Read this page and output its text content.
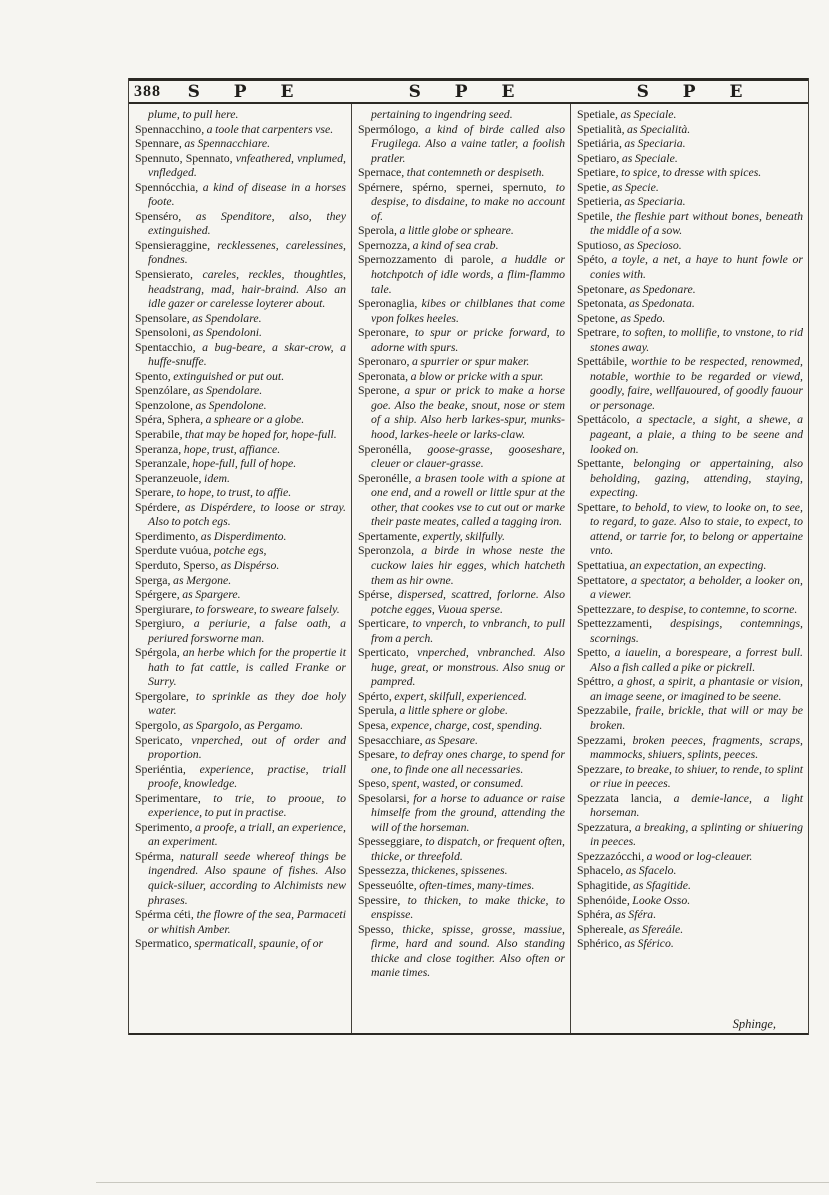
388	S P E	S P E	S P E
plume, to pull here.
Spennacchino, a toole that carpenters vse.
Spennare, as Spennacchiare.
Spennuto, Spennato, vnfeathered, vnplumed, vnfledged.
Spennócchia, a kind of disease in a horses foote.
Spenséro, as Spenditore, also, they extinguished.
Spensieraggine, recklessenes, carelessines, fondnes.
Spensierato, careles, reckles, thoughtles, headstrang, mad, hair-braind. Also an idle gazer or carelesse loyterer about.
Spensolare, as Spendolare.
Spensoloni, as Spendoloni.
Spentacchio, a bug-beare, a skar-crow, a huffe-snuffe.
Spento, extinguished or put out.
Spenzólare, as Spendolare.
Spenzolone, as Spendolone.
Spéra, Sphera, a spheare or a globe.
Sperabile, that may be hoped for, hope-full.
Speranza, hope, trust, affiance.
Speranzale, hope-full, full of hope.
Speranzeuole, idem.
Sperare, to hope, to trust, to affie.
Spérdere, as Dispérdere, to loose or stray. Also to potch egs.
Sperdimento, as Disperdimento.
Sperdute vuóua, potche egs,
Sperduto, Sperso, as Dispérso.
Sperga, as Mergone.
Spérgere, as Spargere.
Spergiurare, to forsweare, to sweare falsely.
Spergiuro, a periurie, a false oath, a periured forsworne man.
Spérgola, an herbe which for the propertie it hath to fat cattle, is called Franke or Surry.
Spergolare, to sprinkle as they doe holy water.
Spergolo, as Spargolo, as Pergamo.
Spericato, vnperched, out of order and proportion.
Speriéntia, experience, practise, triall proofe, knowledge.
Sperimentare, to trie, to prooue, to experience, to put in practise.
Sperimento, a proofe, a triall, an experience, an experiment.
Spérma, naturall seede whereof things be ingendred. Also spaune of fishes. Also quick-siluer, according to Alchimists new phrases.
Spérma céti, the flowre of the sea, Parmaceti or whitish Amber.
Spermatico, spermaticall, spaunie, of or
pertaining to ingendring seed.
Spermólogo, a kind of birde called also Frugilega. Also a vaine tatler, a foolish pratler.
Spernace, that contemneth or despiseth.
Spérnere, spérno, spernei, spernuto, to despise, to disdaine, to make no account of.
Sperola, a little globe or spheare.
Spernozza, a kind of sea crab.
Spernozzamento di parole, a huddle or hotchpotch of idle words, a flim-flammo tale.
Speronaglia, kibes or chilblanes that come vpon folkes heeles.
Speronare, to spur or pricke forward, to adorne with spurs.
Speronaro, a spurrier or spur maker.
Speronata, a blow or pricke with a spur.
Sperone, a spur or prick to make a horse goe. Also the beake, snout, nose or stem of a ship. Also herb larkes-spur, munks-hood, larkes-heele or larks-claw.
Speronélla, goose-grasse, gooseshare, cleuer or clauer-grasse.
Speronélle, a brasen toole with a spione at one end, and a rowell or little spur at the other, that cookes vse to cut out or marke their paste meates, called a tagging iron.
Spertamente, expertly, skilfully.
Speronzola, a birde in whose neste the cuckow laies hir egges, which hatcheth them as hir owne.
Spérse, dispersed, scattred, forlorne. Also potche egges, Vuoua sperse.
Sperticare, to vnperch, to vnbranch, to pull from a perch.
Sperticato, vnperched, vnbranched. Also huge, great, or monstrous. Also snug or pampred.
Spérto, expert, skilfull, experienced.
Sperula, a little sphere or globe.
Spesa, expence, charge, cost, spending.
Spesacchiare, as Spesare.
Spesare, to defray ones charge, to spend for one, to finde one all necessaries.
Speso, spent, wasted, or consumed.
Spesolarsi, for a horse to aduance or raise himselfe from the ground, attending the will of the horseman.
Spesseggiare, to dispatch, or frequent often, thicke, or threefold.
Spessezza, thickenes, spissenes.
Spesseuólte, often-times, many-times.
Spessire, to thicken, to make thicke, to enspisse.
Spesso, thicke, spisse, grosse, massiue, firme, hard and sound. Also standing thicke and close togither. Also often or manie times.
Spetiale, as Speciale.
Spetialità, as Specialità.
Spetiária, as Speciaria.
Spetiaro, as Speciale.
Spetiare, to spice, to dresse with spices.
Spetie, as Specie.
Spetieria, as Speciaria.
Spetile, the fleshie part without bones, beneath the middle of a sow.
Sputioso, as Specioso.
Spéto, a toyle, a net, a haye to hunt fowle or conies with.
Spetonare, as Spedonare.
Spetonata, as Spedonata.
Spetone, as Spedo.
Spetrare, to soften, to mollifie, to vnstone, to rid stones away.
Spettábile, worthie to be respected, renowmed, notable, worthie to be regarded or viewd, goodly, faire, wellfauoured, of goodly fauour or personage.
Spettácolo, a spectacle, a sight, a shewe, a pageant, a plaie, a thing to be seene and looked on.
Spettante, belonging or appertaining, also beholding, gazing, attending, staying, expecting.
Spettare, to behold, to view, to looke on, to see, to regard, to gaze. Also to staie, to expect, to attend, or tarrie for, to belong or appertaine vnto.
Spettatiua, an expectation, an expecting.
Spettatore, a spectator, a beholder, a looker on, a viewer.
Spettezzare, to despise, to contemne, to scorne.
Spettezzamenti, despisings, contemnings, scornings.
Spetto, a iauelin, a borespeare, a forrest bull. Also a fish called a pike or pickrell.
Spéttro, a ghost, a spirit, a phantasie or vision, an image seene, or imagined to be seene.
Spezzabile, fraile, brickle, that will or may be broken.
Spezzami, broken peeces, fragments, scraps, mammocks, shiuers, splints, peeces.
Spezzare, to breake, to shiuer, to rende, to splint or riue in peeces.
Spezzata lancia, a demie-lance, a light horseman.
Spezzatura, a breaking, a splinting or shiuering in peeces.
Spezzazócchi, a wood or log-cleauer.
Sphacelo, as Sfacelo.
Sphagitide, as Sfagitide.
Sphenóide, Looke Osso.
Sphéra, as Sféra.
Sphereale, as Sfereále.
Sphérico, as Sférico.
Sphinge,
